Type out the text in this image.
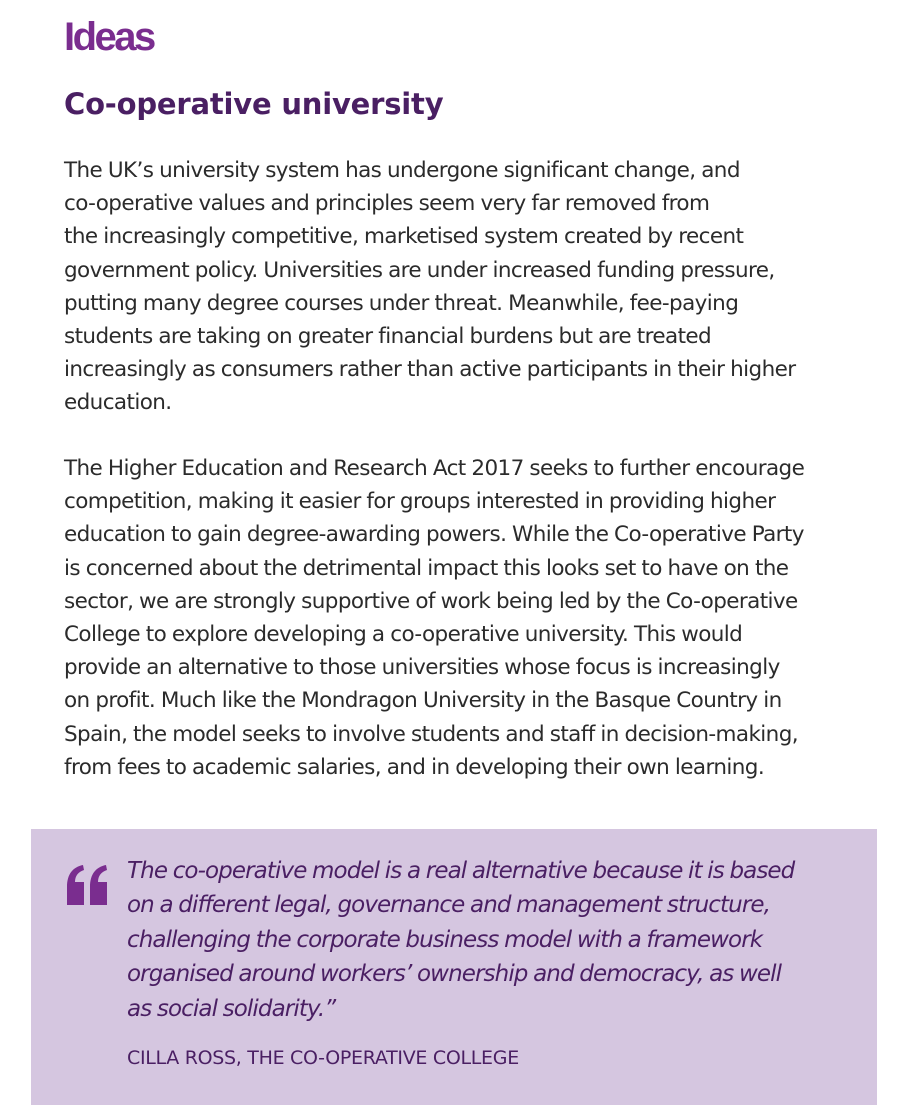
Ideas
Co-operative university

The UK’s university system has undergone significant change, and
co-operative values and principles seem very far removed from
the increasingly competitive, marketised system created by recent
government policy. Universities are under increased funding pressure,
putting many degree courses under threat. Meanwhile, fee-paying
students are taking on greater financial burdens but are treated
increasingly as consumers rather than active participants in their higher
education.

The Higher Education and Research Act 2017 seeks to further encourage
competition, making it easier for groups interested in providing higher
education to gain degree-awarding powers. While the Co-operative Party
is concerned about the detrimental impact this looks set to have on the
sector, we are strongly supportive of work being led by the Co-operative
College to explore developing a co-operative university. This would
provide an alternative to those universities whose focus is increasingly
on profit. Much like the Mondragon University in the Basque Country in
Spain, the model seeks to involve students and staff in decision-making,
from fees to academic salaries, and in developing their own learning.

The co-operative model is a real alternative because it is based
on a different legal, governance and management structure,
challenging the corporate business model with a framework
organised around workers’ ownership and democracy, as well
as social solidarity.”

CILLA ROSS, THE CO-OPERATIVE COLLEGE
